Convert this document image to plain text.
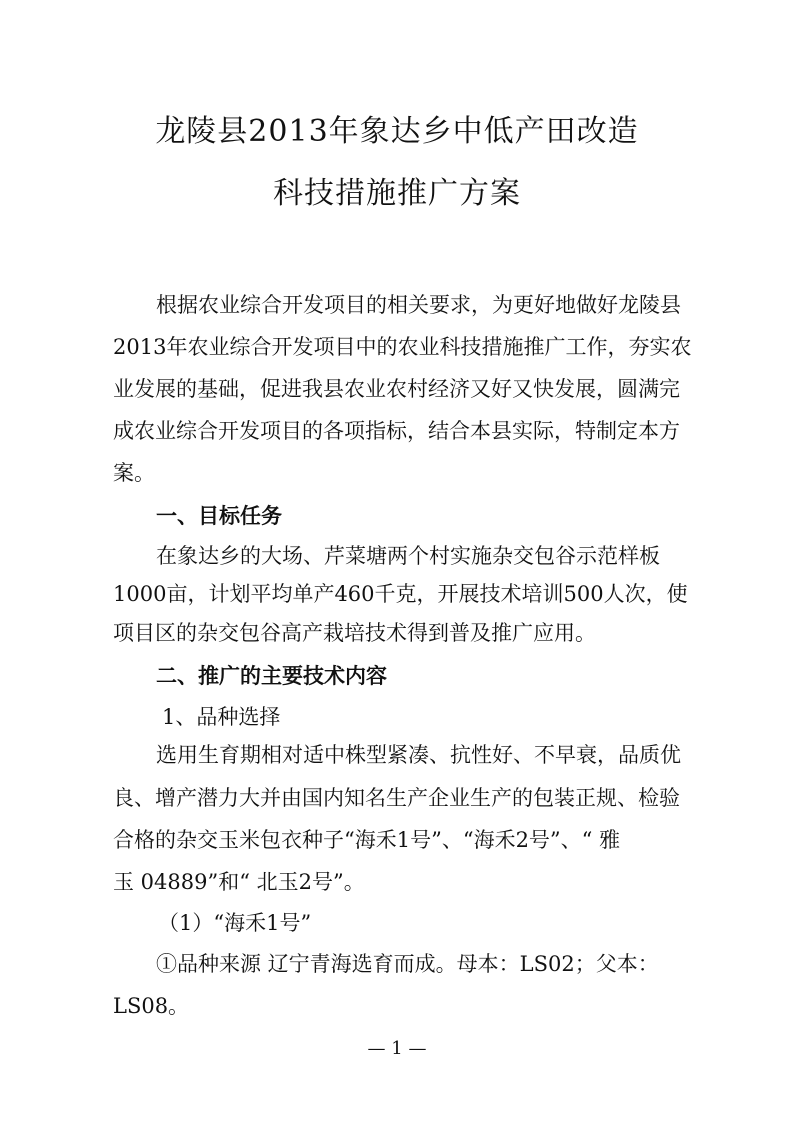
龙陵县2013年象达乡中低产田改造
科技措施推广方案
根据农业综合开发项目的相关要求，为更好地做好龙陵县
2013年农业综合开发项目中的农业科技措施推广工作，夯实农
业发展的基础，促进我县农业农村经济又好又快发展，圆满完
成农业综合开发项目的各项指标，结合本县实际，特制定本方
案。
一、目标任务
在象达乡的大场、芹菜塘两个村实施杂交包谷示范样板
1000亩，计划平均单产460千克，开展技术培训500人次，使
项目区的杂交包谷高产栽培技术得到普及推广应用。
二、推广的主要技术内容
1、品种选择
选用生育期相对适中株型紧凑、抗性好、不早衰，品质优
良、增产潜力大并由国内知名生产企业生产的包装正规、检验
合格的杂交玉米包衣种子“海禾1号”、“海禾2号”、“ 雅
玉 04889”和“ 北玉2号”。
（1）“海禾1号”
①品种来源 辽宁青海选育而成。母本：LS02；父本：
LS08。
— 1 —
